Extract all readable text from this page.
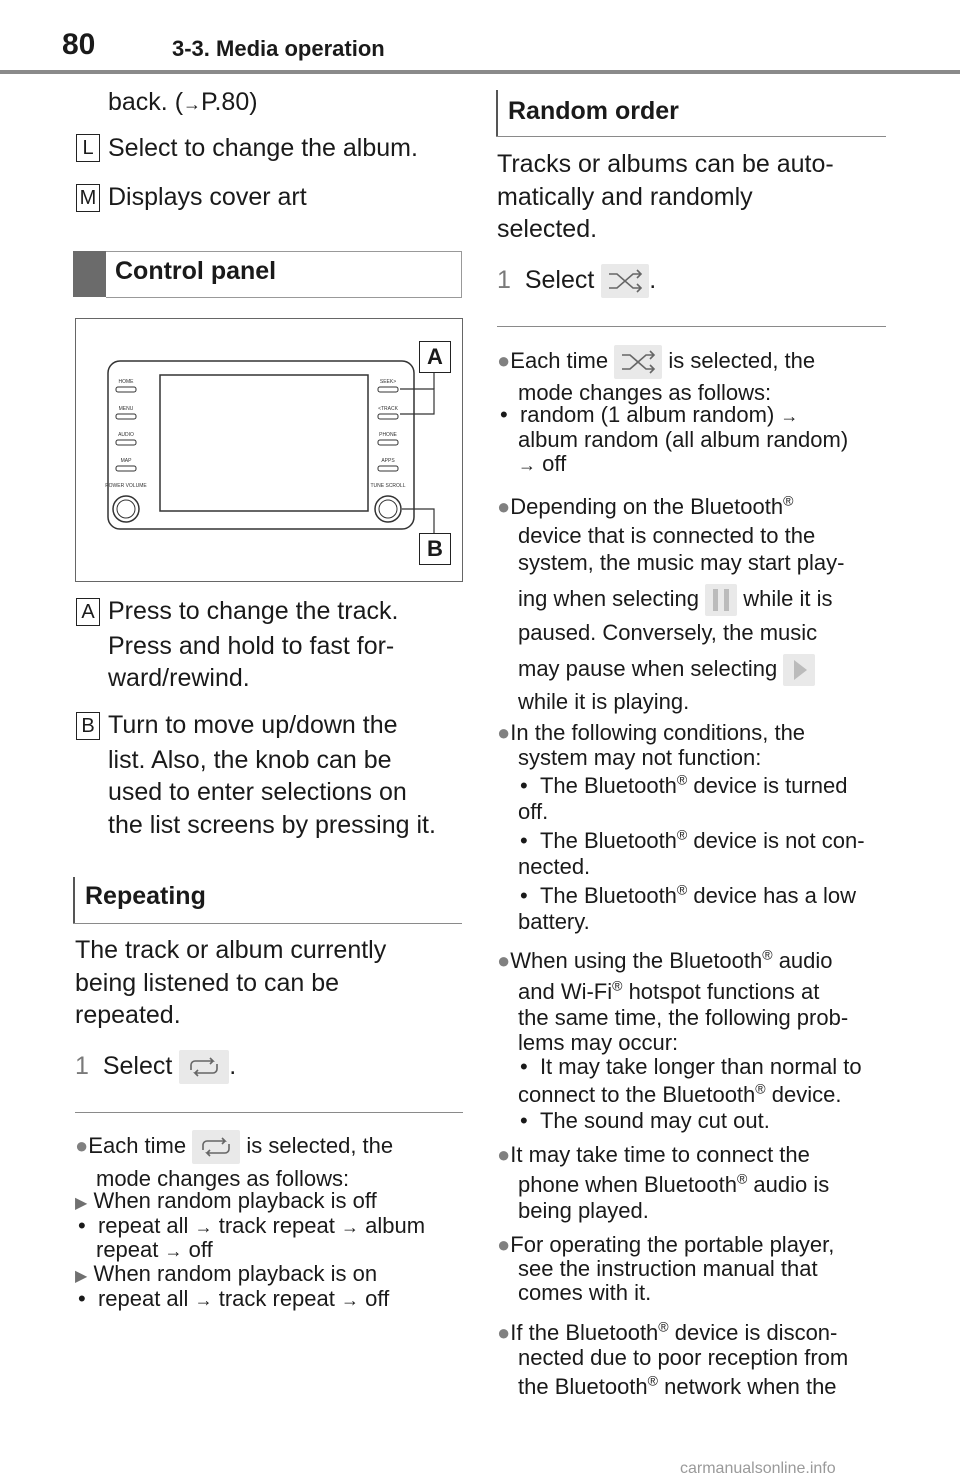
80	3-3. Media operation
back. (→P.80)
L Select to change the album.
M Displays cover art
Control panel
HOME
MENU
AUDIO
MAP
POWER VOLUME
SEEK>
<TRACK
PHONE
APPS
TUNE SCROLL
A
B
A Press to change the track.
Press and hold to fast for-
ward/rewind.
B Turn to move up/down the
list. Also, the knob can be
used to enter selections on
the list screens by pressing it.
Repeating
The track or album currently
being listened to can be
repeated.
1 Select .
●Each time	is selected, the
mode changes as follows:
▶ When random playback is off
•  repeat all → track repeat → album
repeat → off
▶ When random playback is on
•  repeat all → track repeat → off
Random order
Tracks or albums can be auto-
matically and randomly
selected.
1 Select .
●Each time	is selected, the
mode changes as follows:
•  random (1 album random) →
album random (all album random)
→ off
●Depending on the Bluetooth®
device that is connected to the
system, the music may start play-
ing when selecting while it is
paused. Conversely, the music
may pause when selecting
while it is playing.
●In the following conditions, the
system may not function:
•  The Bluetooth® device is turned
off.
•  The Bluetooth® device is not con-
nected.
•  The Bluetooth® device has a low
battery.
●When using the Bluetooth® audio
and Wi-Fi® hotspot functions at
the same time, the following prob-
lems may occur:
•  It may take longer than normal to
connect to the Bluetooth® device.
•  The sound may cut out.
●It may take time to connect the
phone when Bluetooth® audio is
being played.
●For operating the portable player,
see the instruction manual that
comes with it.
●If the Bluetooth® device is discon-
nected due to poor reception from
the Bluetooth® network when the
carmanualsonline.info
